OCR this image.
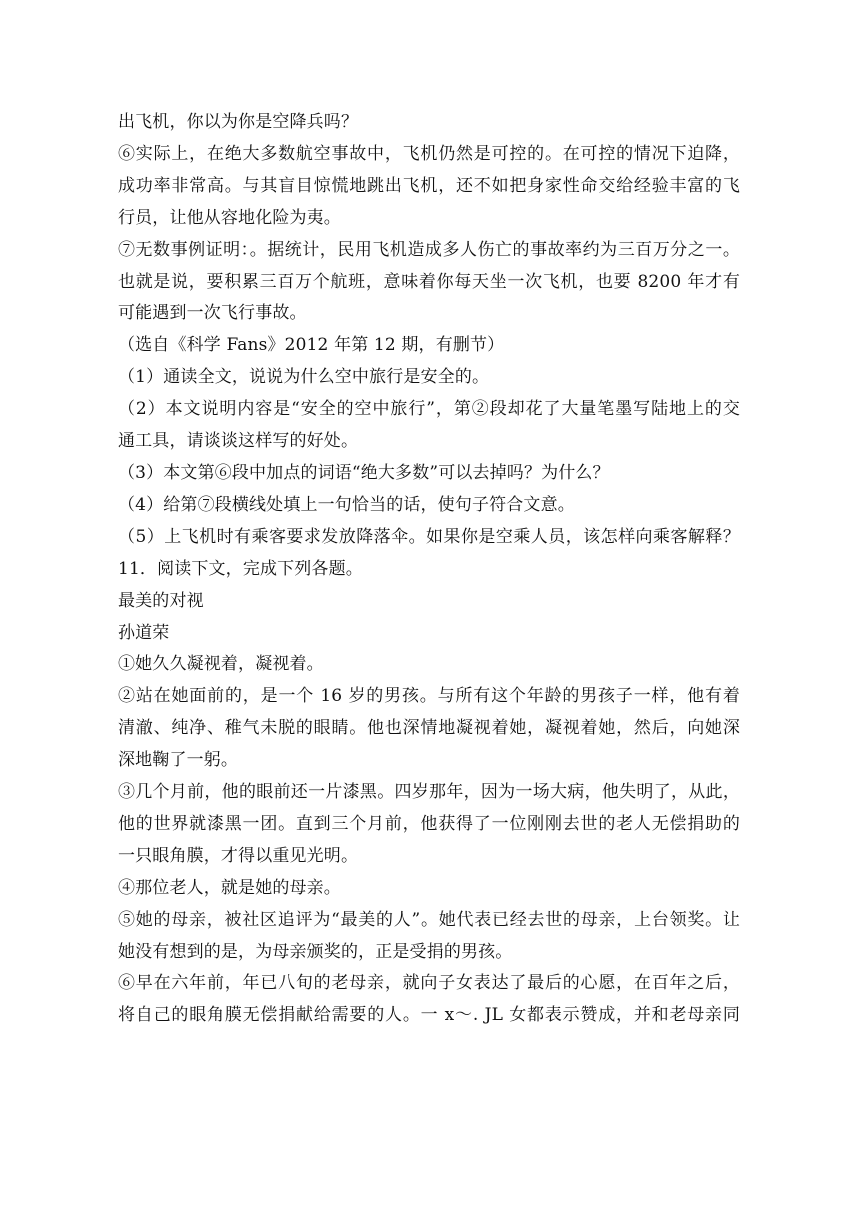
出飞机，你以为你是空降兵吗？
⑥实际上，在绝大多数航空事故中，飞机仍然是可控的。在可控的情况下迫降，
成功率非常高。与其盲目惊慌地跳出飞机，还不如把身家性命交给经验丰富的飞
行员，让他从容地化险为夷。
⑦无数事例证明：。据统计，民用飞机造成多人伤亡的事故率约为三百万分之一。
也就是说，要积累三百万个航班，意味着你每天坐一次飞机，也要 8200 年才有
可能遇到一次飞行事故。
（选自《科学 Fans》2012 年第 12 期，有删节）
（1）通读全文，说说为什么空中旅行是安全的。
（2）本文说明内容是“安全的空中旅行”，第②段却花了大量笔墨写陆地上的交
通工具，请谈谈这样写的好处。
（3）本文第⑥段中加点的词语“绝大多数”可以去掉吗？为什么？
（4）给第⑦段横线处填上一句恰当的话，使句子符合文意。
（5）上飞机时有乘客要求发放降落伞。如果你是空乘人员，该怎样向乘客解释？
11．阅读下文，完成下列各题。
最美的对视
孙道荣
①她久久凝视着，凝视着。
②站在她面前的，是一个 16 岁的男孩。与所有这个年龄的男孩子一样，他有着
清澈、纯净、稚气未脱的眼睛。他也深情地凝视着她，凝视着她，然后，向她深
深地鞠了一躬。
③几个月前，他的眼前还一片漆黑。四岁那年，因为一场大病，他失明了，从此，
他的世界就漆黑一团。直到三个月前，他获得了一位刚刚去世的老人无偿捐助的
一只眼角膜，才得以重见光明。
④那位老人，就是她的母亲。
⑤她的母亲，被社区追评为“最美的人”。她代表已经去世的母亲，上台领奖。让
她没有想到的是，为母亲颁奖的，正是受捐的男孩。
⑥早在六年前，年已八旬的老母亲，就向子女表达了最后的心愿，在百年之后，
将自己的眼角膜无偿捐献给需要的人。一 x～. JL 女都表示赞成，并和老母亲同
